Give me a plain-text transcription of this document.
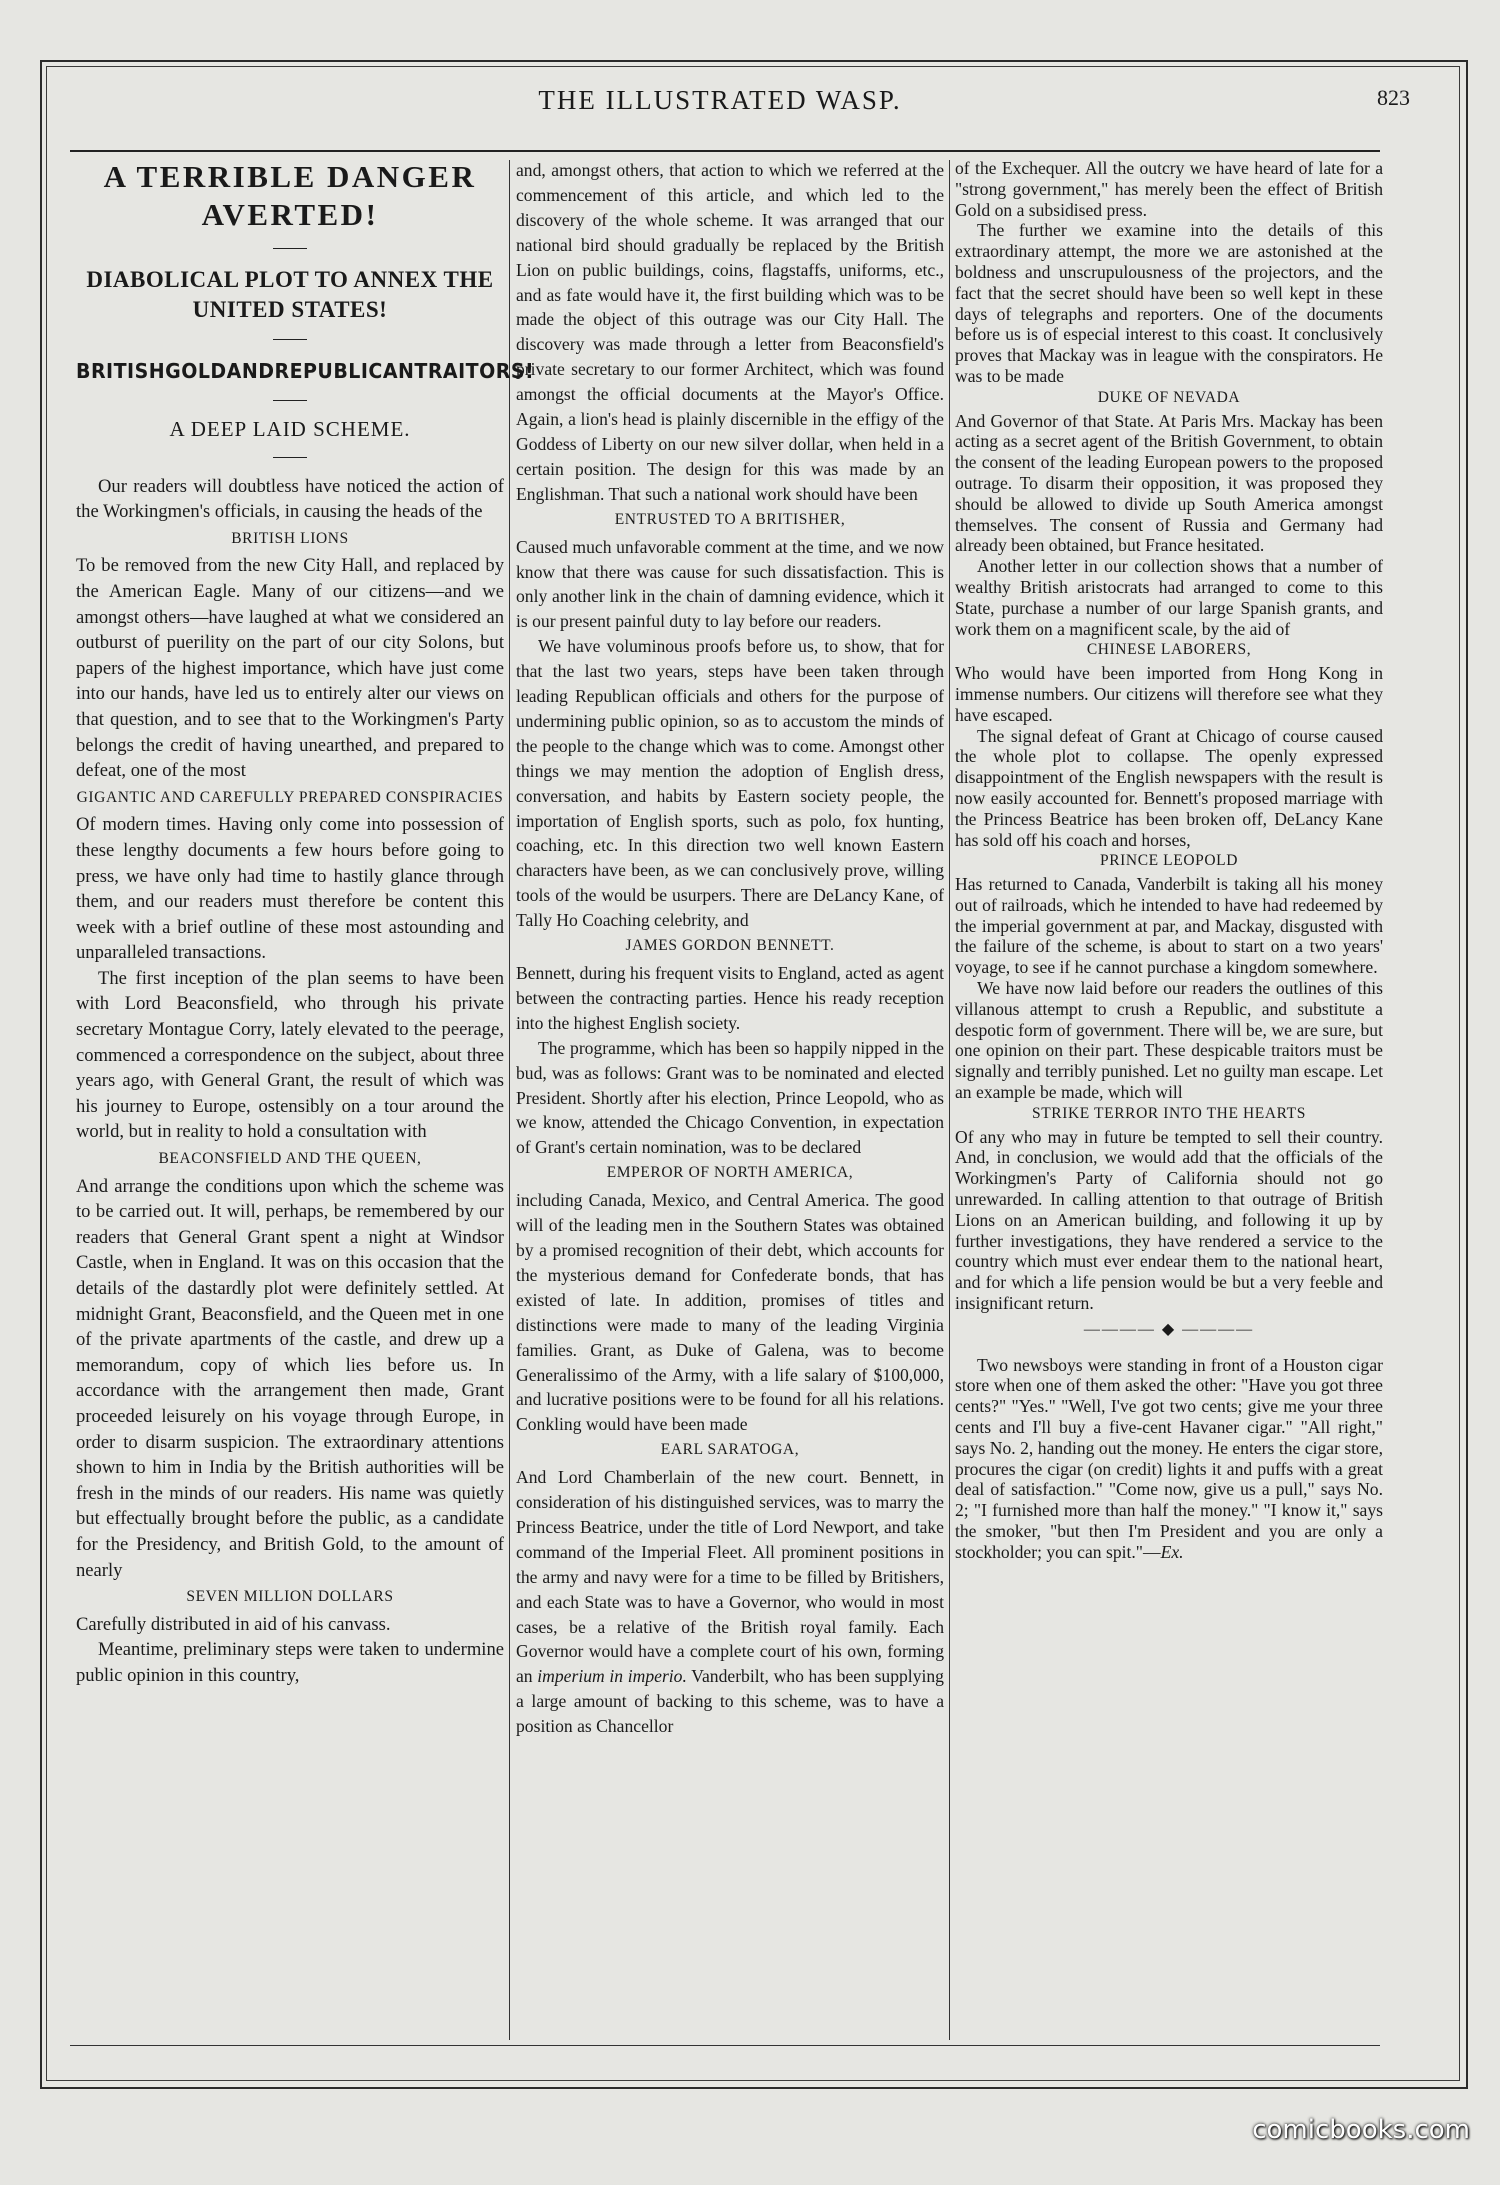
THE ILLUSTRATED WASP.	823

A TERRIBLE DANGER AVERTED!

DIABOLICAL PLOT TO ANNEX THE UNITED STATES!

BRITISH GOLD AND REPUBLICAN TRAITORS!

A DEEP LAID SCHEME.

Our readers will doubtless have noticed the action of the Workingmen's officials, in causing the heads of the

BRITISH LIONS

To be removed from the new City Hall, and replaced by the American Eagle. Many of our citizens—and we amongst others—have laughed at what we considered an outburst of puerility on the part of our city Solons, but papers of the highest importance, which have just come into our hands, have led us to entirely alter our views on that question, and to see that to the Workingmen's Party belongs the credit of having unearthed, and prepared to defeat, one of the most

GIGANTIC AND CAREFULLY PREPARED CONSPIRACIES

Of modern times. Having only come into possession of these lengthy documents a few hours before going to press, we have only had time to hastily glance through them, and our readers must therefore be content this week with a brief outline of these most astounding and unparalleled transactions.

The first inception of the plan seems to have been with Lord Beaconsfield, who through his private secretary Montague Corry, lately elevated to the peerage, commenced a correspondence on the subject, about three years ago, with General Grant, the result of which was his journey to Europe, ostensibly on a tour around the world, but in reality to hold a consultation with

BEACONSFIELD AND THE QUEEN,

And arrange the conditions upon which the scheme was to be carried out. It will, perhaps, be remembered by our readers that General Grant spent a night at Windsor Castle, when in England. It was on this occasion that the details of the dastardly plot were definitely settled. At midnight Grant, Beaconsfield, and the Queen met in one of the private apartments of the castle, and drew up a memorandum, copy of which lies before us. In accordance with the arrangement then made, Grant proceeded leisurely on his voyage through Europe, in order to disarm suspicion. The extraordinary attentions shown to him in India by the British authorities will be fresh in the minds of our readers. His name was quietly but effectually brought before the public, as a candidate for the Presidency, and British Gold, to the amount of nearly

SEVEN MILLION DOLLARS

Carefully distributed in aid of his canvass.

Meantime, preliminary steps were taken to undermine public opinion in this country,

and, amongst others, that action to which we referred at the commencement of this article, and which led to the discovery of the whole scheme. It was arranged that our national bird should gradually be replaced by the British Lion on public buildings, coins, flagstaffs, uniforms, etc., and as fate would have it, the first building which was to be made the object of this outrage was our City Hall. The discovery was made through a letter from Beaconsfield's private secretary to our former Architect, which was found amongst the official documents at the Mayor's Office. Again, a lion's head is plainly discernible in the effigy of the Goddess of Liberty on our new silver dollar, when held in a certain position. The design for this was made by an Englishman. That such a national work should have been

ENTRUSTED TO A BRITISHER,

Caused much unfavorable comment at the time, and we now know that there was cause for such dissatisfaction. This is only another link in the chain of damning evidence, which it is our present painful duty to lay before our readers.

We have voluminous proofs before us, to show, that for that the last two years, steps have been taken through leading Republican officials and others for the purpose of undermining public opinion, so as to accustom the minds of the people to the change which was to come. Amongst other things we may mention the adoption of English dress, conversation, and habits by Eastern society people, the importation of English sports, such as polo, fox hunting, coaching, etc. In this direction two well known Eastern characters have been, as we can conclusively prove, willing tools of the would be usurpers. There are DeLancy Kane, of Tally Ho Coaching celebrity, and

JAMES GORDON BENNETT.

Bennett, during his frequent visits to England, acted as agent between the contracting parties. Hence his ready reception into the highest English society.

The programme, which has been so happily nipped in the bud, was as follows: Grant was to be nominated and elected President. Shortly after his election, Prince Leopold, who as we know, attended the Chicago Convention, in expectation of Grant's certain nomination, was to be declared

EMPEROR OF NORTH AMERICA,

including Canada, Mexico, and Central America. The good will of the leading men in the Southern States was obtained by a promised recognition of their debt, which accounts for the mysterious demand for Confederate bonds, that has existed of late. In addition, promises of titles and distinctions were made to many of the leading Virginia families. Grant, as Duke of Galena, was to become Generalissimo of the Army, with a life salary of $100,000, and lucrative positions were to be found for all his relations. Conkling would have been made

EARL SARATOGA,

And Lord Chamberlain of the new court. Bennett, in consideration of his distinguished services, was to marry the Princess Beatrice, under the title of Lord Newport, and take command of the Imperial Fleet. All prominent positions in the army and navy were for a time to be filled by Britishers, and each State was to have a Governor, who would in most cases, be a relative of the British royal family. Each Governor would have a complete court of his own, forming an imperium in imperio. Vanderbilt, who has been supplying a large amount of backing to this scheme, was to have a position as Chancellor

of the Exchequer. All the outcry we have heard of late for a "strong government," has merely been the effect of British Gold on a subsidised press.

The further we examine into the details of this extraordinary attempt, the more we are astonished at the boldness and unscrupulousness of the projectors, and the fact that the secret should have been so well kept in these days of telegraphs and reporters. One of the documents before us is of especial interest to this coast. It conclusively proves that Mackay was in league with the conspirators. He was to be made

DUKE OF NEVADA

And Governor of that State. At Paris Mrs. Mackay has been acting as a secret agent of the British Government, to obtain the consent of the leading European powers to the proposed outrage. To disarm their opposition, it was proposed they should be allowed to divide up South America amongst themselves. The consent of Russia and Germany had already been obtained, but France hesitated.

Another letter in our collection shows that a number of wealthy British aristocrats had arranged to come to this State, purchase a number of our large Spanish grants, and work them on a magnificent scale, by the aid of

CHINESE LABORERS,

Who would have been imported from Hong Kong in immense numbers. Our citizens will therefore see what they have escaped.

The signal defeat of Grant at Chicago of course caused the whole plot to collapse. The openly expressed disappointment of the English newspapers with the result is now easily accounted for. Bennett's proposed marriage with the Princess Beatrice has been broken off, DeLancy Kane has sold off his coach and horses,

PRINCE LEOPOLD

Has returned to Canada, Vanderbilt is taking all his money out of railroads, which he intended to have had redeemed by the imperial government at par, and Mackay, disgusted with the failure of the scheme, is about to start on a two years' voyage, to see if he cannot purchase a kingdom somewhere.

We have now laid before our readers the outlines of this villanous attempt to crush a Republic, and substitute a despotic form of government. There will be, we are sure, but one opinion on their part. These despicable traitors must be signally and terribly punished. Let no guilty man escape. Let an example be made, which will

STRIKE TERROR INTO THE HEARTS

Of any who may in future be tempted to sell their country. And, in conclusion, we would add that the officials of the Workingmen's Party of California should not go unrewarded. In calling attention to that outrage of British Lions on an American building, and following it up by further investigations, they have rendered a service to the country which must ever endear them to the national heart, and for which a life pension would be but a very feeble and insignificant return.

———— ◆ ————

Two newsboys were standing in front of a Houston cigar store when one of them asked the other: "Have you got three cents?" "Yes." "Well, I've got two cents; give me your three cents and I'll buy a five-cent Havaner cigar." "All right," says No. 2, handing out the money. He enters the cigar store, procures the cigar (on credit) lights it and puffs with a great deal of satisfaction." "Come now, give us a pull," says No. 2; "I furnished more than half the money." "I know it," says the smoker, "but then I'm President and you are only a stockholder; you can spit."—Ex.

comicbooks.com
